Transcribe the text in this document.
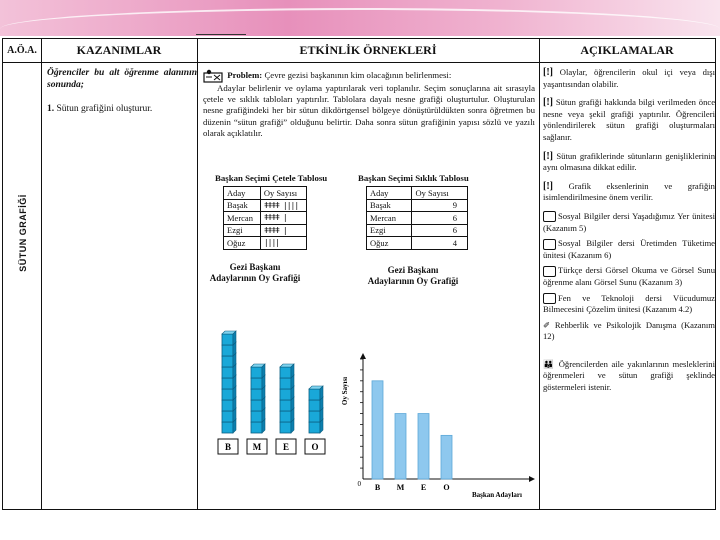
A.Ö.A.	KAZANIMLAR	ETKİNLİK ÖRNEKLERİ	AÇIKLAMALAR
SÜTUN GRAFİĞİ
Öğrenciler bu alt öğrenme alanının sonunda;
1. Sütun grafiğini oluşturur.
Problem: Çevre gezisi başkanının kim olacağının belirlenmesi:
Adaylar belirlenir ve oylama yaptırılarak veri toplanılır. Seçim sonuçlarına ait sırasıyla çetele ve sıklık tabloları yaptırılır. Tablolara dayalı nesne grafiği oluşturtulur. Oluşturulan nesne grafiğindeki her bir sütun dikdörtgensel bölgeye dönüştürüldükten sonra öğretmen bu düzenin “sütun grafiği” olduğunu belirtir. Daha sonra sütun grafiğinin yapısı sözlü ve yazılı olarak açıklatılır.
Başkan Seçimi Çetele Tablosu
Aday	Oy Sayısı
Başak	ǂǂǂǂ ||||
Mercan	ǂǂǂǂ |
Ezgi	ǂǂǂǂ |
Oğuz	||||
Başkan Seçimi Sıklık Tablosu
Aday	Oy Sayısı
Başak	9
Mercan	6
Ezgi	6
Oğuz	4
Gezi Başkanı Adaylarının Oy Grafiği
B M E O
Gezi Başkanı Adaylarının Oy Grafiği
B M E O
0
Oy Sayısı
Başkan Adayları

[!] Olaylar, öğrencilerin okul içi veya dışı yaşantısından olabilir.

[!] Sütun grafiği hakkında bilgi verilmeden önce nesne veya şekil grafiği yaptırılır. Öğrencileri yönlendirilerek sütun grafiği oluşturmaları sağlanır.

[!] Sütun grafiklerinde sütunların genişliklerinin aynı olmasına dikkat edilir.

[!] Grafik eksenlerinin ve grafiğin isimlendirilmesine önem verilir.

Sosyal Bilgiler dersi Yaşadığımız Yer ünitesi (Kazanım 5)

Sosyal Bilgiler dersi Üretimden Tüketime ünitesi (Kazanım 6)

Türkçe dersi Görsel Okuma ve Görsel Sunu öğrenme alanı Görsel Sunu (Kazanım 3)

Fen ve Teknoloji dersi Vücudumuz Bilmecesini Çözelim ünitesi (Kazanım 4.2)

✐ Rehberlik ve Psikolojik Danışma (Kazanım 12)

👪 Öğrencilerden aile yakınlarının mesleklerini öğrenmeleri ve sütun grafiği şeklinde göstermeleri istenir.
